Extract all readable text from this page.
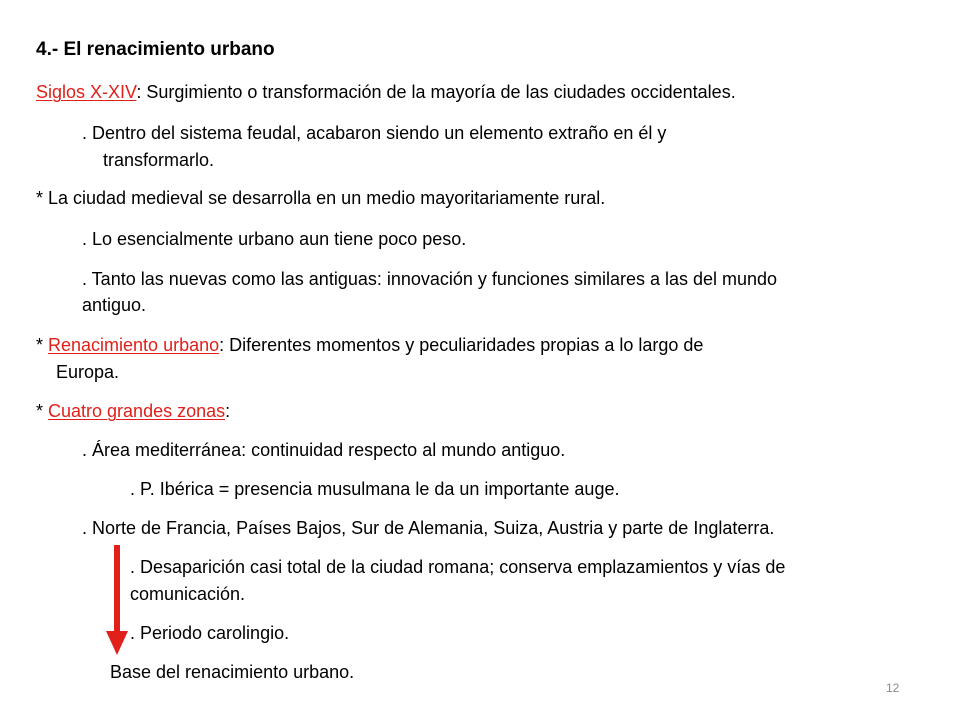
4.- El renacimiento urbano
Siglos X-XIV: Surgimiento o transformación de la mayoría de las ciudades occidentales.
. Dentro del sistema feudal, acabaron siendo un elemento extraño en él y
transformarlo.
* La ciudad medieval se desarrolla en un medio mayoritariamente rural.
. Lo esencialmente urbano aun tiene poco peso.
. Tanto las nuevas como las antiguas: innovación y funciones similares a las del mundo
antiguo.
* Renacimiento urbano: Diferentes momentos y peculiaridades propias a lo largo de
Europa.
* Cuatro grandes zonas:
. Área mediterránea: continuidad respecto al mundo antiguo.
. P. Ibérica = presencia musulmana le da un importante auge.
. Norte de Francia, Países Bajos, Sur de Alemania, Suiza, Austria y parte de Inglaterra.
. Desaparición casi total de la ciudad romana; conserva emplazamientos y vías de
comunicación.
. Periodo carolingio.
Base del renacimiento urbano.
12
